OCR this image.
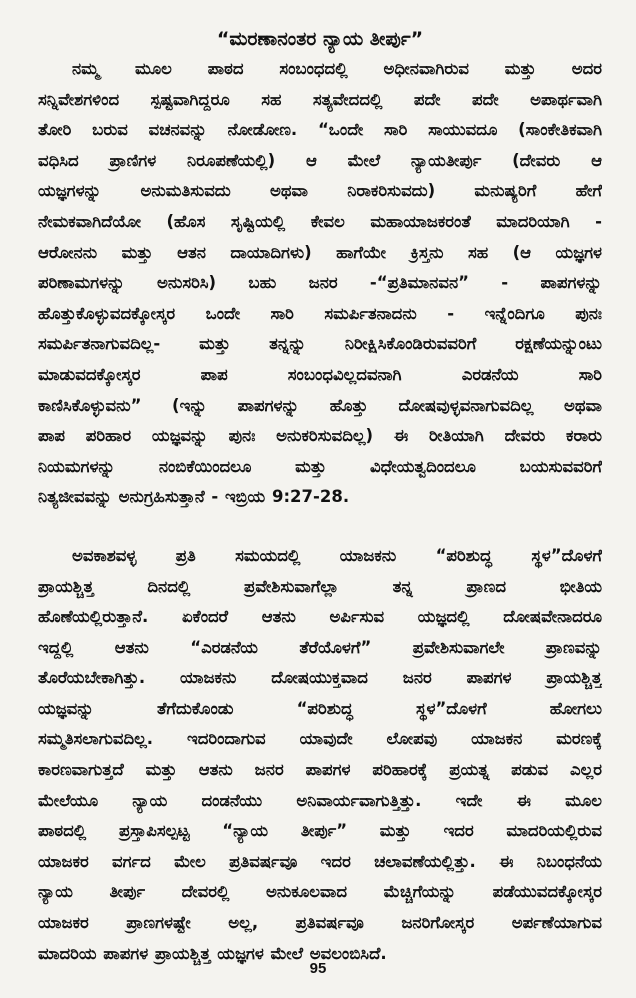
“ಮರಣಾನಂತರ ನ್ಯಾಯ ತೀರ್ಪು”

ನಮ್ಮ ಮೂಲ ಪಾಠದ ಸಂಬಂಧದಲ್ಲಿ ಅಧೀನವಾಗಿರುವ ಮತ್ತು ಅದರ
ಸನ್ನಿವೇಶಗಳಿಂದ ಸ್ಪಷ್ಟವಾಗಿದ್ದರೂ ಸಹ ಸತ್ಯವೇದದಲ್ಲಿ ಪದೇ ಪದೇ ಅಪಾರ್ಥವಾಗಿ
ತೋರಿ ಬರುವ ವಚನವನ್ನು ನೋಡೋಣ. “ಒಂದೇ ಸಾರಿ ಸಾಯುವದೂ (ಸಾಂಕೇತಿಕವಾಗಿ
ವಧಿಸಿದ ಪ್ರಾಣಿಗಳ ನಿರೂಪಣೆಯಲ್ಲಿ) ಆ ಮೇಲೆ ನ್ಯಾಯತೀರ್ಪು (ದೇವರು ಆ
ಯಜ್ಞಗಳನ್ನು ಅನುಮತಿಸುವದು ಅಥವಾ ನಿರಾಕರಿಸುವದು) ಮನುಷ್ಯರಿಗೆ ಹೇಗೆ
ನೇಮಕವಾಗಿದೆಯೋ (ಹೊಸ ಸೃಷ್ಟಿಯಲ್ಲಿ ಕೇವಲ ಮಹಾಯಾಜಕರಂತೆ ಮಾದರಿಯಾಗಿ -
ಆರೋನನು ಮತ್ತು ಆತನ ದಾಯಾದಿಗಳು) ಹಾಗೆಯೇ ಕ್ರಿಸ್ತನು ಸಹ (ಆ ಯಜ್ಞಗಳ
ಪರಿಣಾಮಗಳನ್ನು ಅನುಸರಿಸಿ) ಬಹು ಜನರ -“ಪ್ರತಿಮಾನವನ” - ಪಾಪಗಳನ್ನು
ಹೊತ್ತುಕೊಳ್ಳುವದಕ್ಕೋಸ್ಕರ ಒಂದೇ ಸಾರಿ ಸಮರ್ಪಿತನಾದನು - ಇನ್ನೆಂದಿಗೂ ಪುನಃ
ಸಮರ್ಪಿತನಾಗುವದಿಲ್ಲ- ಮತ್ತು ತನ್ನನ್ನು ನಿರೀಕ್ಷಿಸಿಕೊಂಡಿರುವವರಿಗೆ ರಕ್ಷಣೆಯನ್ನುಂಟು
ಮಾಡುವದಕ್ಕೋಸ್ಕರ ಪಾಪ ಸಂಬಂಧವಿಲ್ಲದವನಾಗಿ ಎರಡನೆಯ ಸಾರಿ
ಕಾಣಿಸಿಕೊಳ್ಳುವನು” (ಇನ್ನು ಪಾಪಗಳನ್ನು ಹೊತ್ತು ದೋಷವುಳ್ಳವನಾಗುವದಿಲ್ಲ ಅಥವಾ
ಪಾಪ ಪರಿಹಾರ ಯಜ್ಞವನ್ನು ಪುನಃ ಅನುಕರಿಸುವದಿಲ್ಲ) ಈ ರೀತಿಯಾಗಿ ದೇವರು ಕರಾರು
ನಿಯಮಗಳನ್ನು ನಂಬಿಕೆಯಿಂದಲೂ ಮತ್ತು ವಿಧೇಯತ್ವದಿಂದಲೂ ಬಯಸುವವರಿಗೆ
ನಿತ್ಯಜೀವವನ್ನು ಅನುಗ್ರಹಿಸುತ್ತಾನೆ - ಇಬ್ರಿಯ 9:27-28.

ಅವಕಾಶವಳ್ಳ ಪ್ರತಿ ಸಮಯದಲ್ಲಿ ಯಾಜಕನು “ಪರಿಶುದ್ಧ ಸ್ಥಳ”ದೊಳಗೆ
ಪ್ರಾಯಶ್ಚಿತ್ತ ದಿನದಲ್ಲಿ ಪ್ರವೇಶಿಸುವಾಗೆಲ್ಲಾ ತನ್ನ ಪ್ರಾಣದ ಭೀತಿಯ
ಹೊಣೆಯಲ್ಲಿರುತ್ತಾನೆ. ಏಕೆಂದರೆ ಆತನು ಅರ್ಪಿಸುವ ಯಜ್ಞದಲ್ಲಿ ದೋಷವೇನಾದರೂ
ಇದ್ದಲ್ಲಿ ಆತನು “ಎರಡನೆಯ ತೆರೆಯೊಳಗೆ” ಪ್ರವೇಶಿಸುವಾಗಲೇ ಪ್ರಾಣವನ್ನು
ತೊರೆಯಬೇಕಾಗಿತ್ತು. ಯಾಜಕನು ದೋಷಯುಕ್ತವಾದ ಜನರ ಪಾಪಗಳ ಪ್ರಾಯಶ್ಚಿತ್ತ
ಯಜ್ಞವನ್ನು ತೆಗೆದುಕೊಂಡು “ಪರಿಶುದ್ಧ ಸ್ಥಳ”ದೊಳಗೆ ಹೋಗಲು
ಸಮ್ಮತಿಸಲಾಗುವದಿಲ್ಲ. ಇದರಿಂದಾಗುವ ಯಾವುದೇ ಲೋಪವು ಯಾಜಕನ ಮರಣಕ್ಕೆ
ಕಾರಣವಾಗುತ್ತದೆ ಮತ್ತು ಆತನು ಜನರ ಪಾಪಗಳ ಪರಿಹಾರಕ್ಕೆ ಪ್ರಯತ್ನ ಪಡುವ ಎಲ್ಲರ
ಮೇಲೆಯೂ ನ್ಯಾಯ ದಂಡನೆಯು ಅನಿವಾರ್ಯವಾಗುತ್ತಿತ್ತು. ಇದೇ ಈ ಮೂಲ
ಪಾಠದಲ್ಲಿ ಪ್ರಸ್ತಾಪಿಸಲ್ಪಟ್ಟ “ನ್ಯಾಯ ತೀರ್ಪು” ಮತ್ತು ಇದರ ಮಾದರಿಯಲ್ಲಿರುವ
ಯಾಜಕರ ವರ್ಗದ ಮೇಲ ಪ್ರತಿವರ್ಷವೂ ಇದರ ಚಲಾವಣೆಯಲ್ಲಿತ್ತು. ಈ ನಿಬಂಧನೆಯ
ನ್ಯಾಯ ತೀರ್ಪು ದೇವರಲ್ಲಿ ಅನುಕೂಲವಾದ ಮೆಚ್ಚಿಗೆಯನ್ನು ಪಡೆಯುವದಕ್ಕೋಸ್ಕರ
ಯಾಜಕರ ಪ್ರಾಣಗಳಷ್ಟೇ ಅಲ್ಲ, ಪ್ರತಿವರ್ಷವೂ ಜನರಿಗೋಸ್ಕರ ಅರ್ಪಣೆಯಾಗುವ
ಮಾದರಿಯ ಪಾಪಗಳ ಪ್ರಾಯಶ್ಚಿತ್ತ ಯಜ್ಞಗಳ ಮೇಲೆ ಅವಲಂಬಿಸಿದೆ.

95
